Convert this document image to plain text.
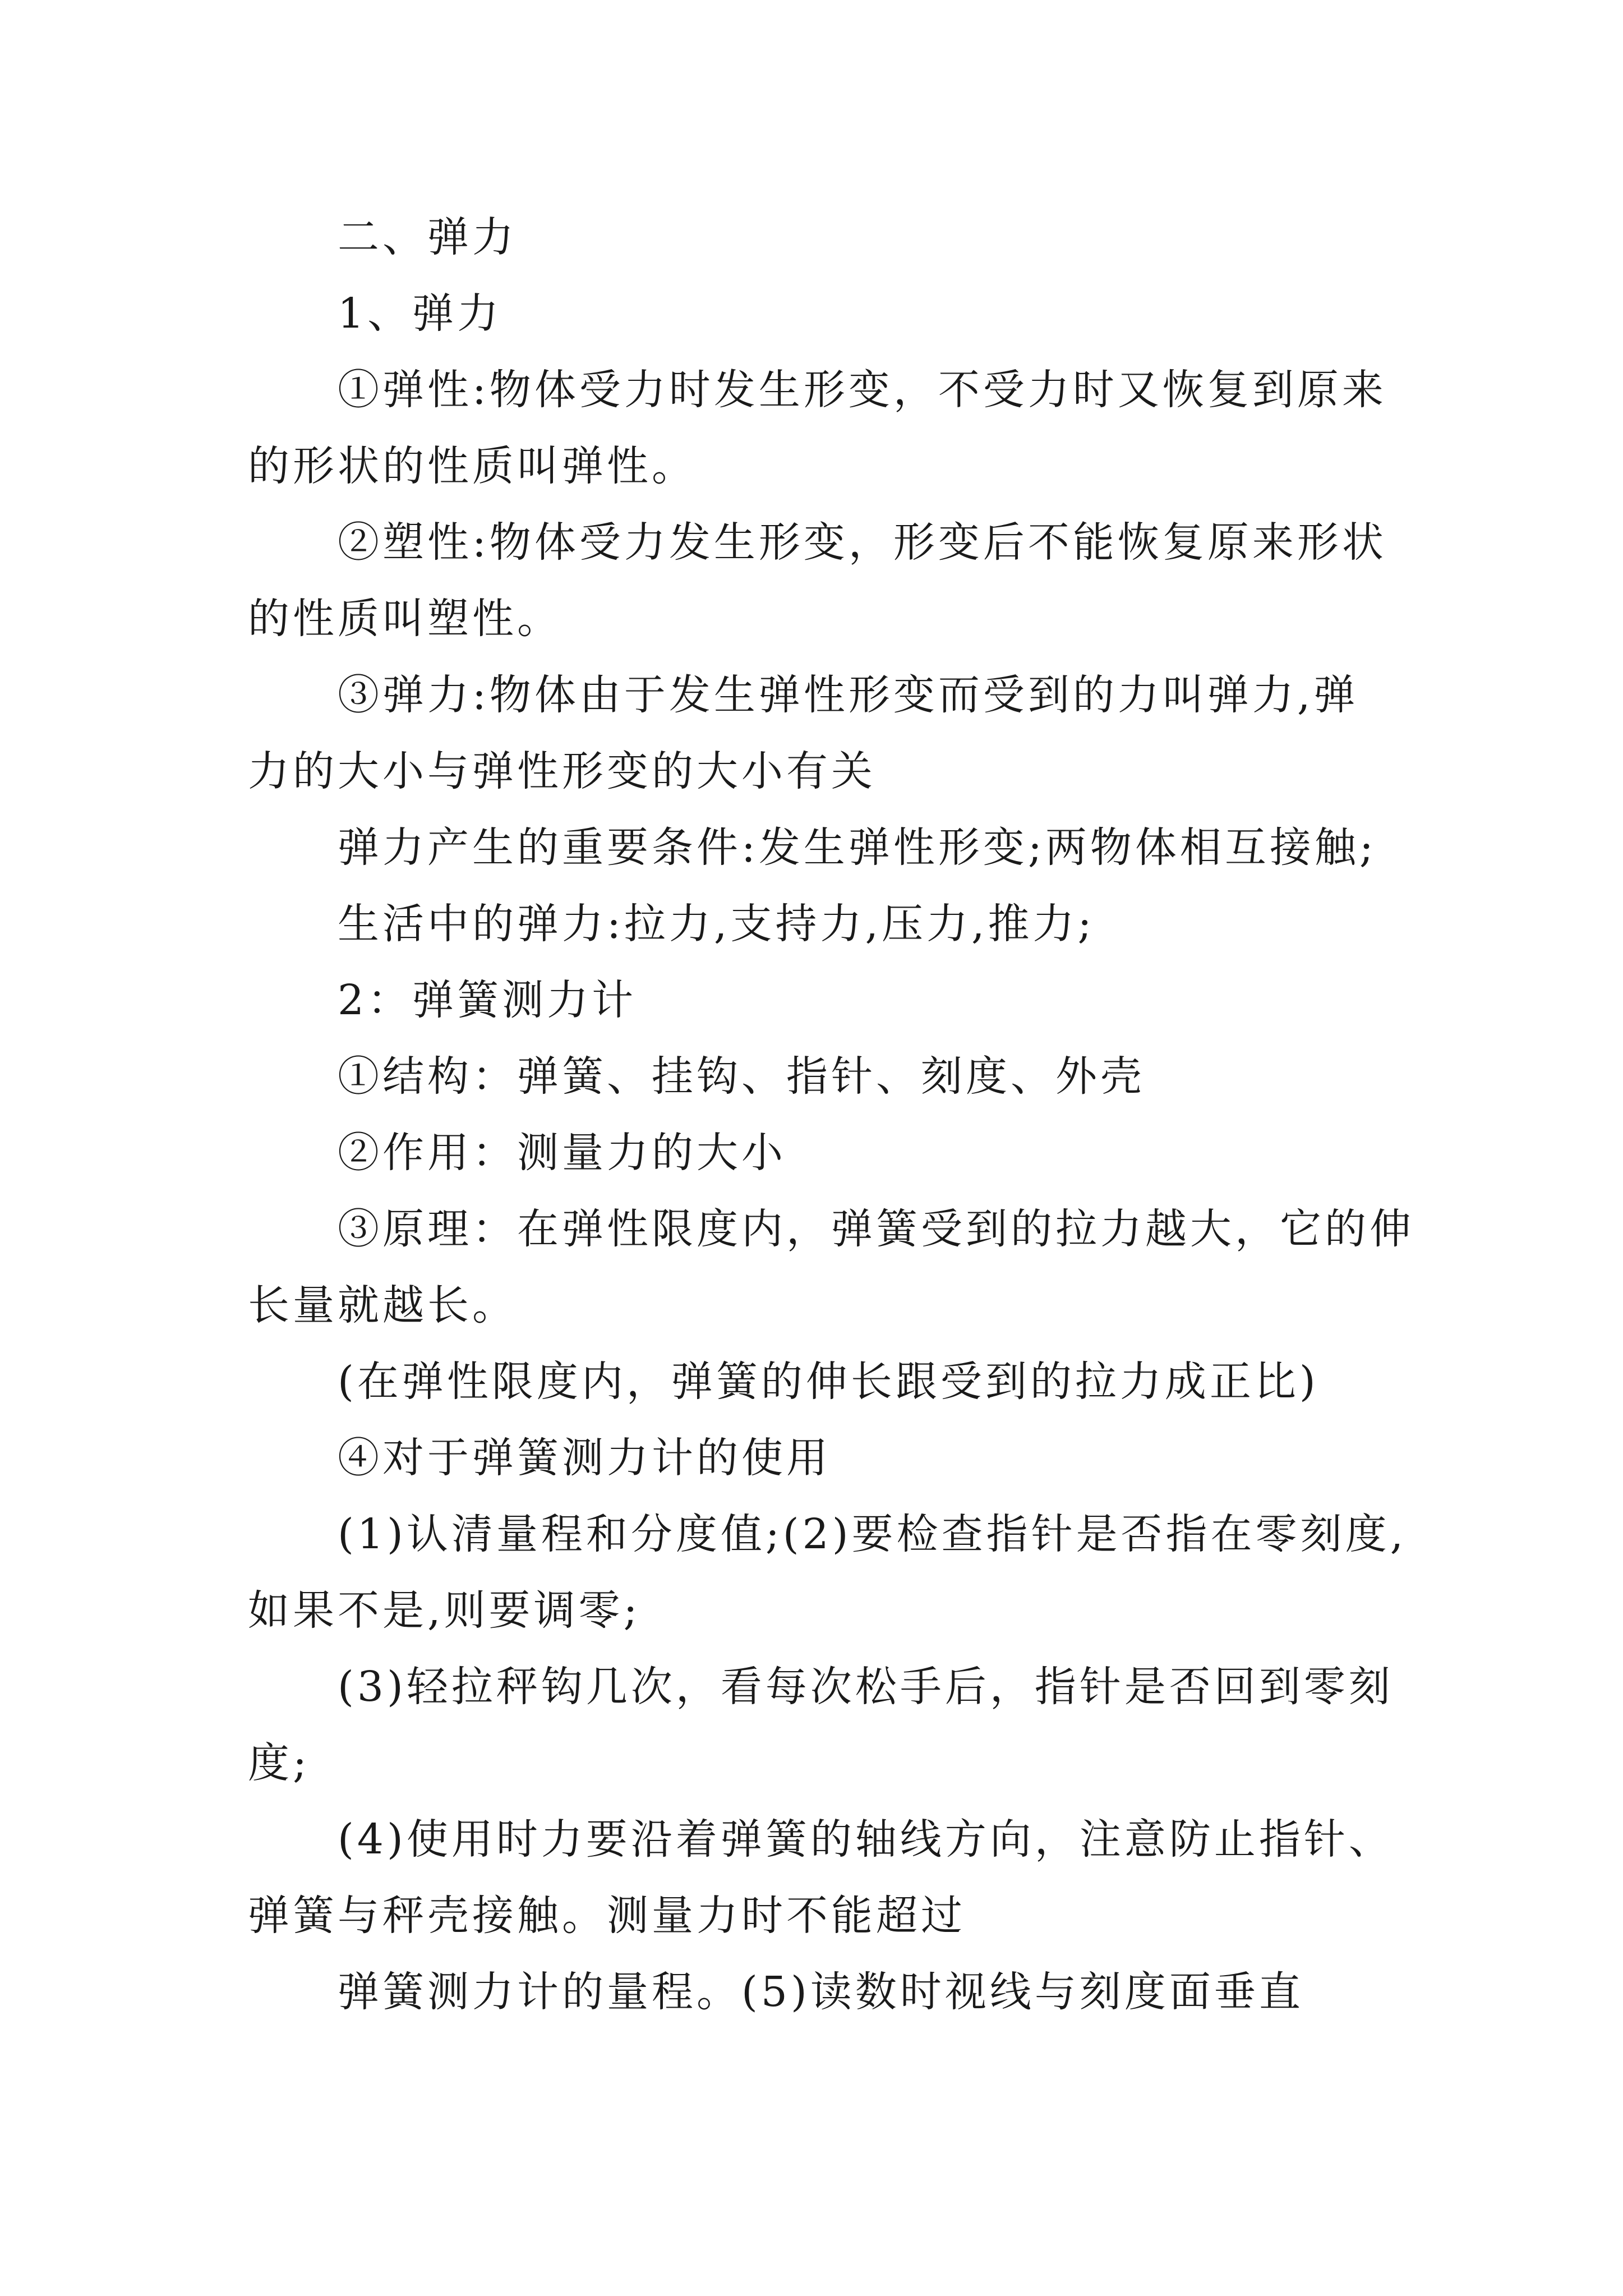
二、弹力
1、弹力
①弹性:物体受力时发生形变，不受力时又恢复到原来
的形状的性质叫弹性。
②塑性:物体受力发生形变，形变后不能恢复原来形状
的性质叫塑性。
③弹力:物体由于发生弹性形变而受到的力叫弹力,弹
力的大小与弹性形变的大小有关
弹力产生的重要条件:发生弹性形变;两物体相互接触;
生活中的弹力:拉力,支持力,压力,推力;
2：弹簧测力计
①结构：弹簧、挂钩、指针、刻度、外壳
②作用：测量力的大小
③原理：在弹性限度内，弹簧受到的拉力越大，它的伸
长量就越长。
(在弹性限度内，弹簧的伸长跟受到的拉力成正比)
④对于弹簧测力计的使用
(1)认清量程和分度值;(2)要检查指针是否指在零刻度,
如果不是,则要调零;
(3)轻拉秤钩几次，看每次松手后，指针是否回到零刻
度;
(4)使用时力要沿着弹簧的轴线方向，注意防止指针、
弹簧与秤壳接触。测量力时不能超过
弹簧测力计的量程。(5)读数时视线与刻度面垂直
